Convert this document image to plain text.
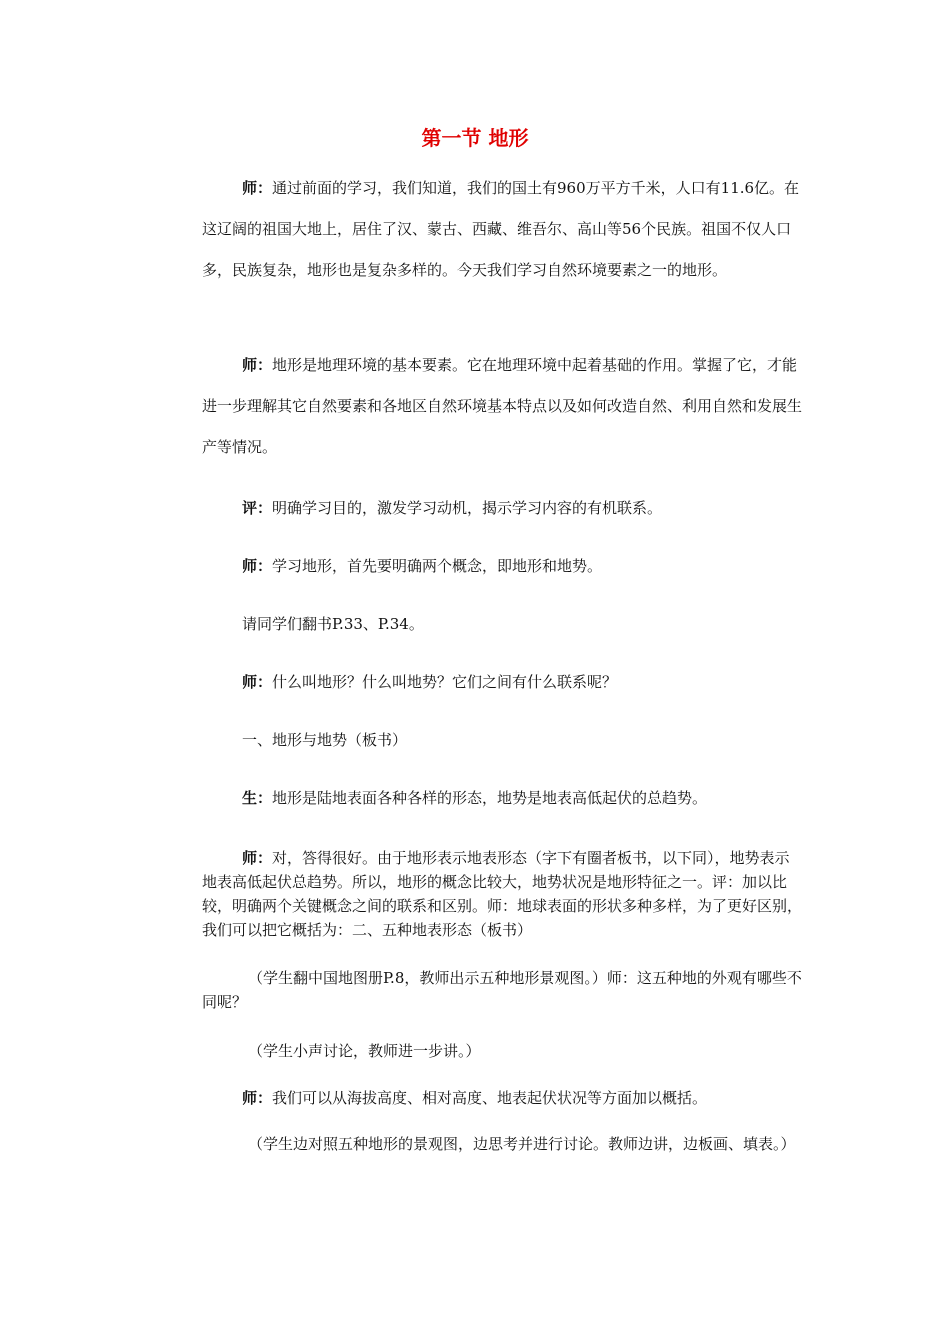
第一节 地形
师：通过前面的学习，我们知道，我们的国土有960万平方千米，人口有11.6亿。在这辽阔的祖国大地上，居住了汉、蒙古、西藏、维吾尔、高山等56个民族。祖国不仅人口多，民族复杂，地形也是复杂多样的。今天我们学习自然环境要素之一的地形。
师：地形是地理环境的基本要素。它在地理环境中起着基础的作用。掌握了它，才能进一步理解其它自然要素和各地区自然环境基本特点以及如何改造自然、利用自然和发展生产等情况。
评：明确学习目的，激发学习动机，揭示学习内容的有机联系。
师：学习地形，首先要明确两个概念，即地形和地势。
请同学们翻书P.33、P.34。
师：什么叫地形？什么叫地势？它们之间有什么联系呢？
一、地形与地势（板书）
生：地形是陆地表面各种各样的形态，地势是地表高低起伏的总趋势。
师：对，答得很好。由于地形表示地表形态（字下有圈者板书，以下同），地势表示地表高低起伏总趋势。所以，地形的概念比较大，地势状况是地形特征之一。评：加以比较，明确两个关键概念之间的联系和区别。师：地球表面的形状多种多样，为了更好区别，我们可以把它概括为：二、五种地表形态（板书）
（学生翻中国地图册P.8，教师出示五种地形景观图。）师：这五种地的外观有哪些不同呢？
（学生小声讨论，教师进一步讲。）
师：我们可以从海拔高度、相对高度、地表起伏状况等方面加以概括。
（学生边对照五种地形的景观图，边思考并进行讨论。教师边讲，边板画、填表。）
